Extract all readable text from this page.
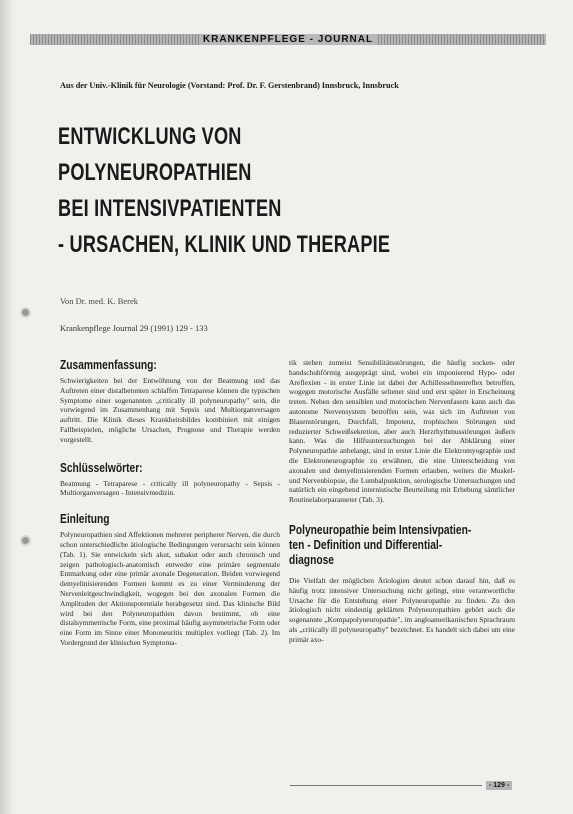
KRANKENPFLEGE - JOURNAL
Aus der Univ.-Klinik für Neurologie (Vorstand: Prof. Dr. F. Gerstenbrand) Innsbruck, Innsbruck
ENTWICKLUNG VON
POLYNEUROPATHIEN
BEI INTENSIVPATIENTEN
- URSACHEN, KLINIK UND THERAPIE
Von Dr. med. K. Berek
Krankenpflege Journal 29 (1991) 129 - 133
Zusammenfassung:

Schwierigkeiten bei der Entwöhnung von der Beatmung und das Auftreten einer distalbetonten schlaffen Tetraparese können die typischen Symptome einer sogenannten „critically ill polyneuropathy" sein, die vorwiegend im Zusammenhang mit Sepsis und Multiorganversagen auftritt. Die Klinik dieses Krankheitsbildes kombiniert mit einigen Fallbeispielen, mögliche Ursachen, Prognose und Therapie werden vorgestellt.

Schlüsselwörter:

Beatmung - Tetraparese - critically ill polyneuropathy - Sepsis - Multiorganversagen - Intensivmedizin.

Einleitung

Polyneuropathien sind Affektionen mehrerer peripherer Nerven, die durch schon unterschiedliche ätiologische Bedingungen verursacht sein können (Tab. 1). Sie entwickeln sich akut, subakut oder auch chronisch und zeigen pathologisch-anatomisch entweder eine primäre segmentale Entmarkung oder eine primär axonale Degeneration. Beiden vorwiegend demyelinisierenden Formen kommt es zu einer Verminderung der Nervenleitgeschwindigkeit, wogegen bei den axonalen Formen die Amplituden der Aktionspotentiale herabgesetzt sind. Das klinische Bild wird bei den Polyneuropathien davon bestimmt, ob eine distalsymmetrische Form, eine proximal häufig asymmetrische Form oder eine Form im Sinne einer Mononeuritis multiplex vorliegt (Tab. 2). Im Vordergrund der klinischen Symptoma-

tik stehen zumeist Sensibilitätsstörungen, die häufig socken- oder handschuhförmig ausgeprägt sind, wobei ein imponierend Hypo- oder Areflexien - in erster Linie ist dabei der Achillessehnenreflex betroffen, wogegen motorische Ausfälle seltener sind und erst später in Erscheinung treten. Neben den sensiblen und motorischen Nervenfasern kann auch das autonome Nervensystem betroffen sein, was sich im Auftreten von Blasenstörungen, Durchfall, Impotenz, trophischen Störungen und reduzierter Schweißsekretion, aber auch Herzrhythmusstörungen äußern kann. Was die Hilfsuntersuchungen bei der Abklärung einer Polyneuropathie anbelangt, sind in erster Linie die Elektromyographie und die Elektroneurographie zu erwähnen, die eine Unterscheidung von axonalen und demyelinisierenden Formen erlauben, weiters die Muskel- und Nervenbiopsie, die Lumbalpunktion, serologische Untersuchungen und natürlich ein eingehend internistische Beurteilung mit Erhebung sämtlicher Routinelaborparameter (Tab. 3).

Polyneuropathie beim Intensivpatien-
ten - Definition und Differential-
diagnose

Die Vielfalt der möglichen Ätiologien deutet schon darauf hin, daß es häufig trotz intensiver Untersuchung nicht gelingt, eine verantwortliche Ursache für die Entstehung einer Polyneuropathie zu finden. Zu den ätiologisch nicht eindeutig geklärten Polyneuropathien gehört auch die sogenannte „Kompapolyneuropathie", im angloamerikanischen Sprachraum als „critically ill polyneuropathy" bezeichnet. Es handelt sich dabei um eine primär axo-

- 129 -
